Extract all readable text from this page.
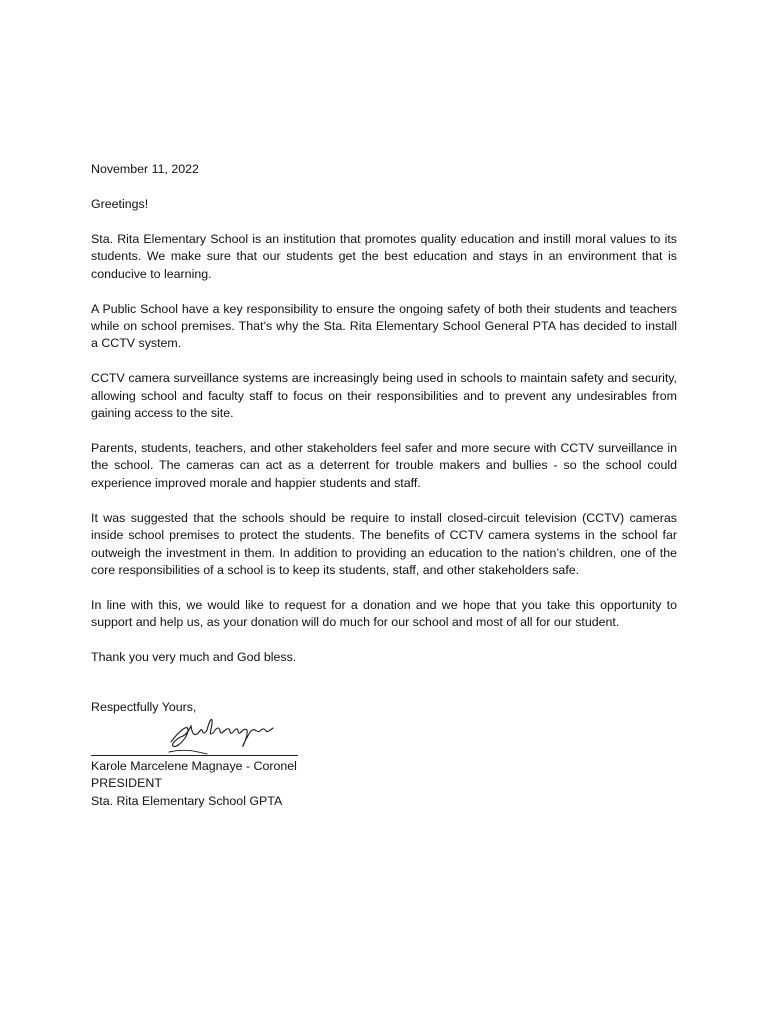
November 11, 2022

Greetings!

Sta. Rita Elementary School is an institution that promotes quality education and instill moral values to its students. We make sure that our students get the best education and stays in an environment that is conducive to learning.

A Public School have a key responsibility to ensure the ongoing safety of both their students and teachers while on school premises. That’s why the Sta. Rita Elementary School General PTA has decided to install a CCTV system.

CCTV camera surveillance systems are increasingly being used in schools to maintain safety and security, allowing school and faculty staff to focus on their responsibilities and to prevent any undesirables from gaining access to the site.

Parents, students, teachers, and other stakeholders feel safer and more secure with CCTV surveillance in the school. The cameras can act as a deterrent for trouble makers and bullies - so the school could experience improved morale and happier students and staff.

It was suggested that the schools should be require to install closed-circuit television (CCTV) cameras inside school premises to protect the students. The benefits of CCTV camera systems in the school far outweigh the investment in them. In addition to providing an education to the nation’s children, one of the core responsibilities of a school is to keep its students, staff, and other stakeholders safe.

In line with this, we would like to request for a donation and we hope that you take this opportunity to support and help us, as your donation will do much for our school and most of all for our student.

Thank you very much and God bless.

Respectfully Yours,

Karole Marcelene Magnaye - Coronel

PRESIDENT

Sta. Rita Elementary School GPTA
